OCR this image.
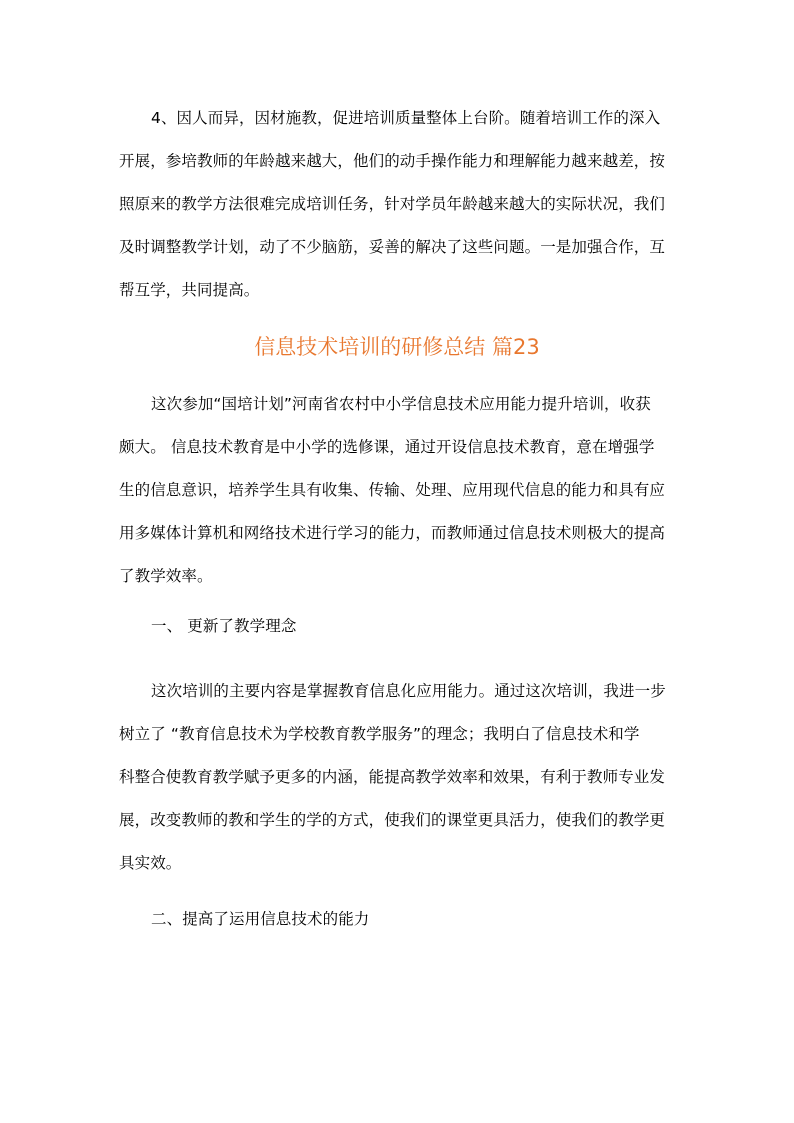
4、因人而异，因材施教，促进培训质量整体上台阶。随着培训工作的深入
开展，参培教师的年龄越来越大，他们的动手操作能力和理解能力越来越差，按
照原来的教学方法很难完成培训任务，针对学员年龄越来越大的实际状况，我们
及时调整教学计划，动了不少脑筋，妥善的解决了这些问题。一是加强合作，互
帮互学，共同提高。
信息技术培训的研修总结 篇23
这次参加“国培计划”河南省农村中小学信息技术应用能力提升培训，收获
颇大。 信息技术教育是中小学的选修课，通过开设信息技术教育，意在增强学
生的信息意识，培养学生具有收集、传输、处理、应用现代信息的能力和具有应
用多媒体计算机和网络技术进行学习的能力，而教师通过信息技术则极大的提高
了教学效率。
一、 更新了教学理念
这次培训的主要内容是掌握教育信息化应用能力。通过这次培训，我进一步
树立了 “教育信息技术为学校教育教学服务”的理念；我明白了信息技术和学
科整合使教育教学赋予更多的内涵，能提高教学效率和效果，有利于教师专业发
展，改变教师的教和学生的学的方式，使我们的课堂更具活力，使我们的教学更
具实效。
二、提高了运用信息技术的能力
